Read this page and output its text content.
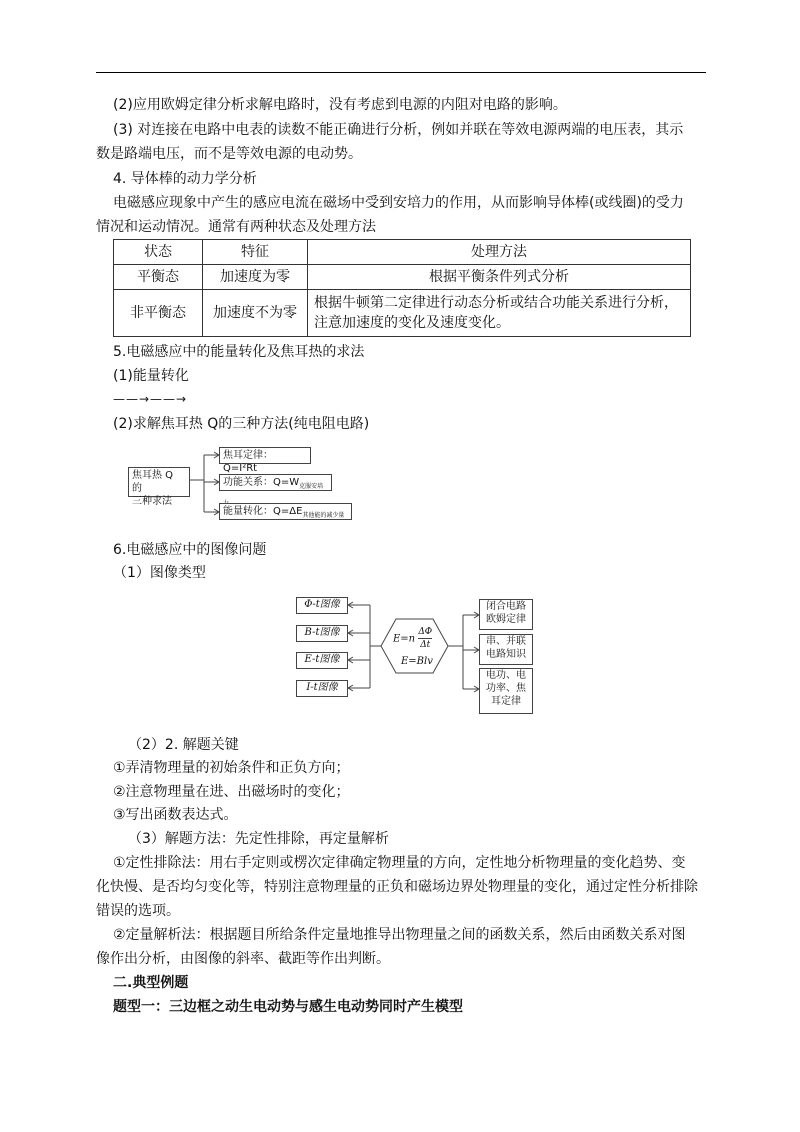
(2)应用欧姆定律分析求解电路时，没有考虑到电源的内阻对电路的影响。
(3) 对连接在电路中电表的读数不能正确进行分析，例如并联在等效电源两端的电压表，其示
数是路端电压，而不是等效电源的电动势。
4. 导体棒的动力学分析
电磁感应现象中产生的感应电流在磁场中受到安培力的作用，从而影响导体棒(或线圈)的受力
情况和运动情况。通常有两种状态及处理方法
状态	特征	处理方法
平衡态	加速度为零	根据平衡条件列式分析
非平衡态	加速度不为零	根据牛顿第二定律进行动态分析或结合功能关系进行分析，
注意加速度的变化及速度变化。
5.电磁感应中的能量转化及焦耳热的求法
(1)能量转化
——→——→
(2)求解焦耳热 Q的三种方法(纯电阻电路)
焦耳热 Q 的
三种求法
焦耳定律：Q=I²Rt
功能关系：$Q=W_{克服安培}$
能量转化：$Q=\Delta E_{其他能的减少量}$
6.电磁感应中的图像问题
（1）图像类型
Φ-t图像
B-t图像
E-t图像
I-t图像
$E=n \frac{\Delta\Phi}{\Delta t}$
E=Blv
闭合电路
欧姆定律
串、并联
电路知识
电功、电
功率、焦
耳定律
（2）2. 解题关键
①弄清物理量的初始条件和正负方向；
②注意物理量在进、出磁场时的变化；
③写出函数表达式。
（3）解题方法：先定性排除，再定量解析
①定性排除法：用右手定则或楞次定律确定物理量的方向，定性地分析物理量的变化趋势、变
化快慢、是否均匀变化等，特别注意物理量的正负和磁场边界处物理量的变化，通过定性分析排除
错误的选项。
②定量解析法：根据题目所给条件定量地推导出物理量之间的函数关系，然后由函数关系对图
像作出分析，由图像的斜率、截距等作出判断。
二.典型例题
题型一：三边框之动生电动势与感生电动势同时产生模型
